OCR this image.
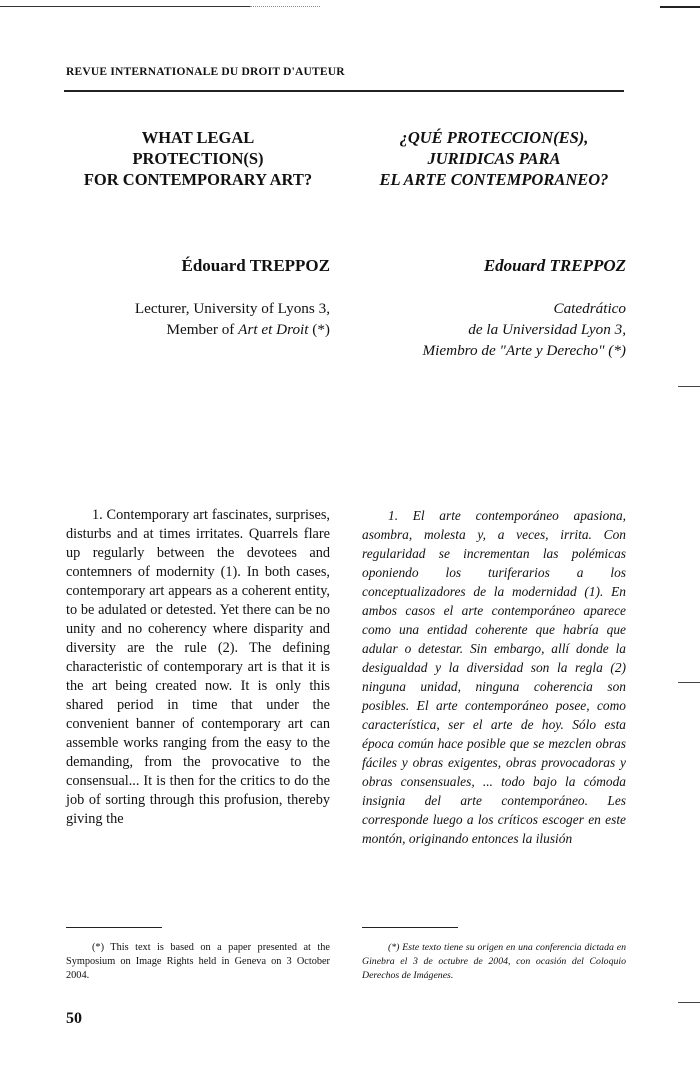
REVUE INTERNATIONALE DU DROIT D'AUTEUR
WHAT LEGAL
PROTECTION(S)
FOR CONTEMPORARY ART?
¿QUÉ PROTECCION(ES),
JURIDICAS PARA
EL ARTE CONTEMPORANEO?
Édouard TREPPOZ	Edouard TREPPOZ
Lecturer, University of Lyons 3,
Member of Art et Droit (*)
Catedrático
de la Universidad Lyon 3,
Miembro de "Arte y Derecho" (*)
1. Contemporary art fascinates, surprises, disturbs and at times irritates. Quarrels flare up regularly between the devotees and contemners of modernity (1). In both cases, contemporary art appears as a coherent entity, to be adulated or detested. Yet there can be no unity and no coherency where disparity and diversity are the rule (2). The defining characteristic of contemporary art is that it is the art being created now. It is only this shared period in time that under the convenient banner of contemporary art can assemble works ranging from the easy to the demanding, from the provocative to the consensual... It is then for the critics to do the job of sorting through this profusion, thereby giving the
1. El arte contemporáneo apasiona, asombra, molesta y, a veces, irrita. Con regularidad se incrementan las polémicas oponiendo los turiferarios a los conceptualizadores de la modernidad (1). En ambos casos el arte contemporáneo aparece como una entidad coherente que habría que adular o detestar. Sin embargo, allí donde la desigualdad y la diversidad son la regla (2) ninguna unidad, ninguna coherencia son posibles. El arte contemporáneo posee, como característica, ser el arte de hoy. Sólo esta época común hace posible que se mezclen obras fáciles y obras exigentes, obras provocadoras y obras consensuales, ... todo bajo la cómoda insignia del arte contemporáneo. Les corresponde luego a los críticos escoger en este montón, originando entonces la ilusión
(*) This text is based on a paper presented at the Symposium on Image Rights held in Geneva on 3 October 2004.
(*) Este texto tiene su origen en una conferencia dictada en Ginebra el 3 de octubre de 2004, con ocasión del Coloquio Derechos de Imágenes.
50
